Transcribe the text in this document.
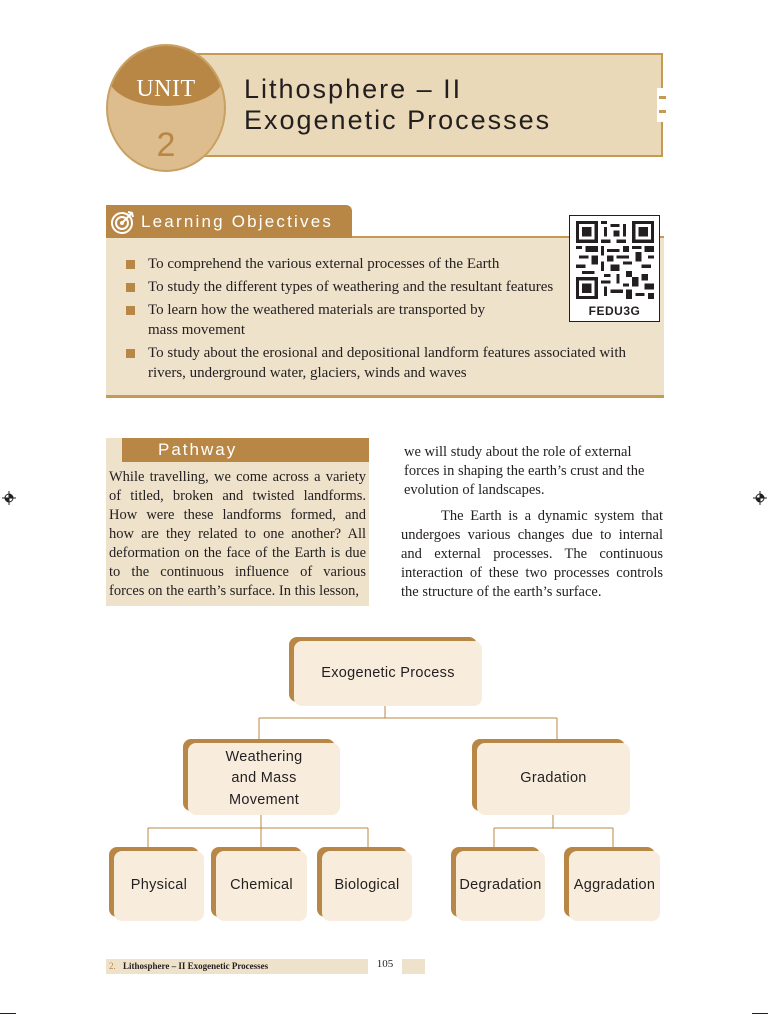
UNIT
2
Lithosphere – II
Exogenetic Processes
Learning Objectives
To comprehend the various external processes of the Earth
To study the different types of weathering and the resultant features
To learn how the weathered materials are transported by mass movement
To study about the erosional and depositional landform features associated with rivers, underground water, glaciers, winds and waves
FEDU3G
Pathway
While travelling, we come across a variety of titled, broken and twisted landforms. How were these landforms formed, and how are they related to one another? All deformation on the face of the Earth is due to the continuous influence of various forces on the earth’s surface. In this lesson,
we will study about the role of external forces in shaping the earth’s crust and the evolution of landscapes.
The Earth is a dynamic system that undergoes various changes due to internal and external processes. The continuous interaction of these two processes controls the structure of the earth’s surface.
Exogenetic Process
Weathering and Mass Movement
Gradation
Physical	Chemical	Biological	Degradation	Aggradation
2. Lithosphere – II Exogenetic Processes	105
